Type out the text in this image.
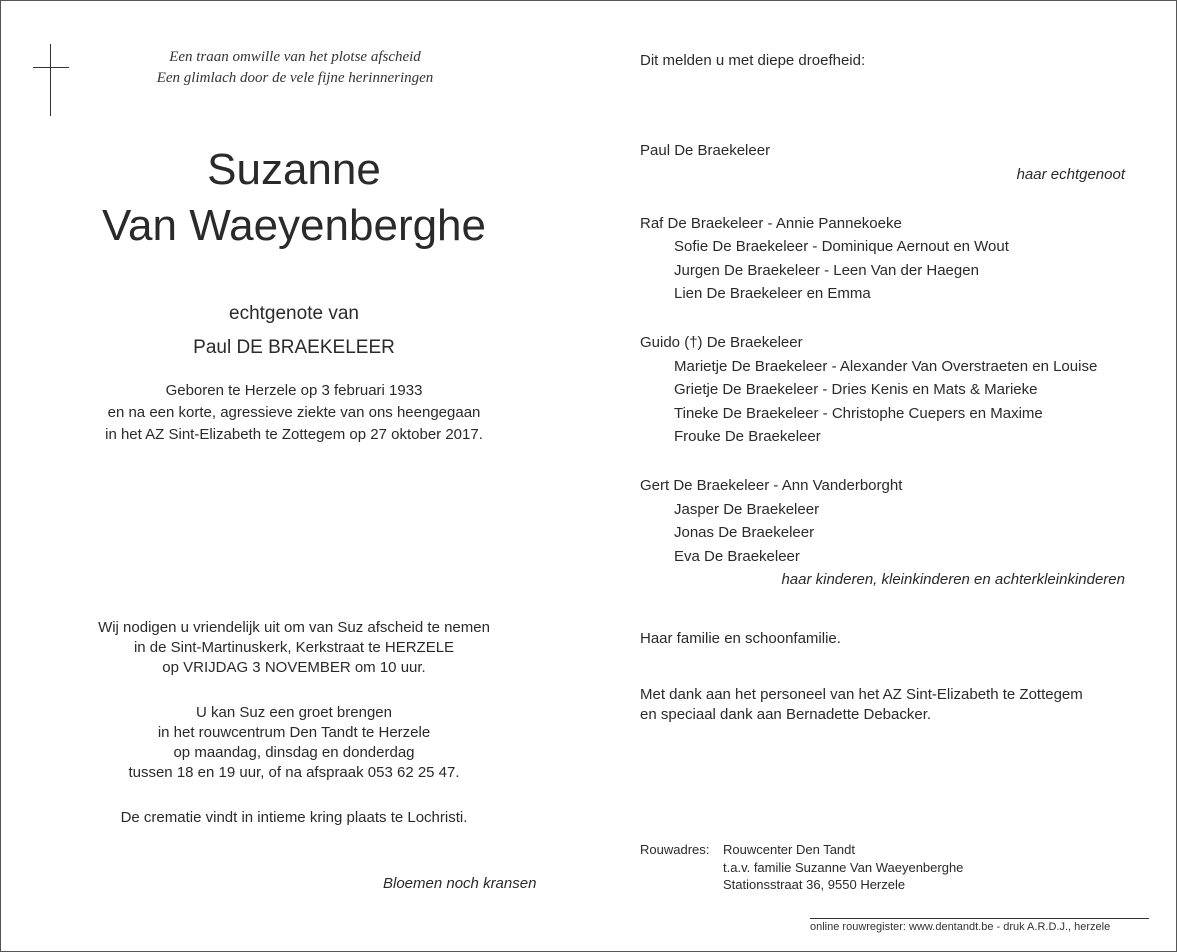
Een traan omwille van het plotse afscheid
Een glimlach door de vele fijne herinneringen
Suzanne
Van Waeyenberghe
echtgenote van
Paul DE BRAEKELEER
Geboren te Herzele op 3 februari 1933
en na een korte, agressieve ziekte van ons heengegaan
in het AZ Sint-Elizabeth te Zottegem op 27 oktober 2017.
Wij nodigen u vriendelijk uit om van Suz afscheid te nemen
in de Sint-Martinuskerk, Kerkstraat te HERZELE
op VRIJDAG 3 NOVEMBER om 10 uur.
U kan Suz een groet brengen
in het rouwcentrum Den Tandt te Herzele
op maandag, dinsdag en donderdag
tussen 18 en 19 uur, of na afspraak 053 62 25 47.
De crematie vindt in intieme kring plaats te Lochristi.
Bloemen noch kransen
Dit melden u met diepe droefheid:
Paul De Braekeleer
haar echtgenoot
Raf De Braekeleer - Annie Pannekoeke
Sofie De Braekeleer - Dominique Aernout en Wout
Jurgen De Braekeleer - Leen Van der Haegen
Lien De Braekeleer en Emma
Guido (†) De Braekeleer
Marietje De Braekeleer - Alexander Van Overstraeten en Louise
Grietje De Braekeleer - Dries Kenis en Mats & Marieke
Tineke De Braekeleer - Christophe Cuepers en Maxime
Frouke De Braekeleer
Gert De Braekeleer - Ann Vanderborght
Jasper De Braekeleer
Jonas De Braekeleer
Eva De Braekeleer
haar kinderen, kleinkinderen en achterkleinkinderen
Haar familie en schoonfamilie.
Met dank aan het personeel van het AZ Sint-Elizabeth te Zottegem
en speciaal dank aan Bernadette Debacker.
Rouwadres: Rouwcenter Den Tandt
t.a.v. familie Suzanne Van Waeyenberghe
Stationsstraat 36, 9550 Herzele
online rouwregister: www.dentandt.be - druk A.R.D.J., herzele
